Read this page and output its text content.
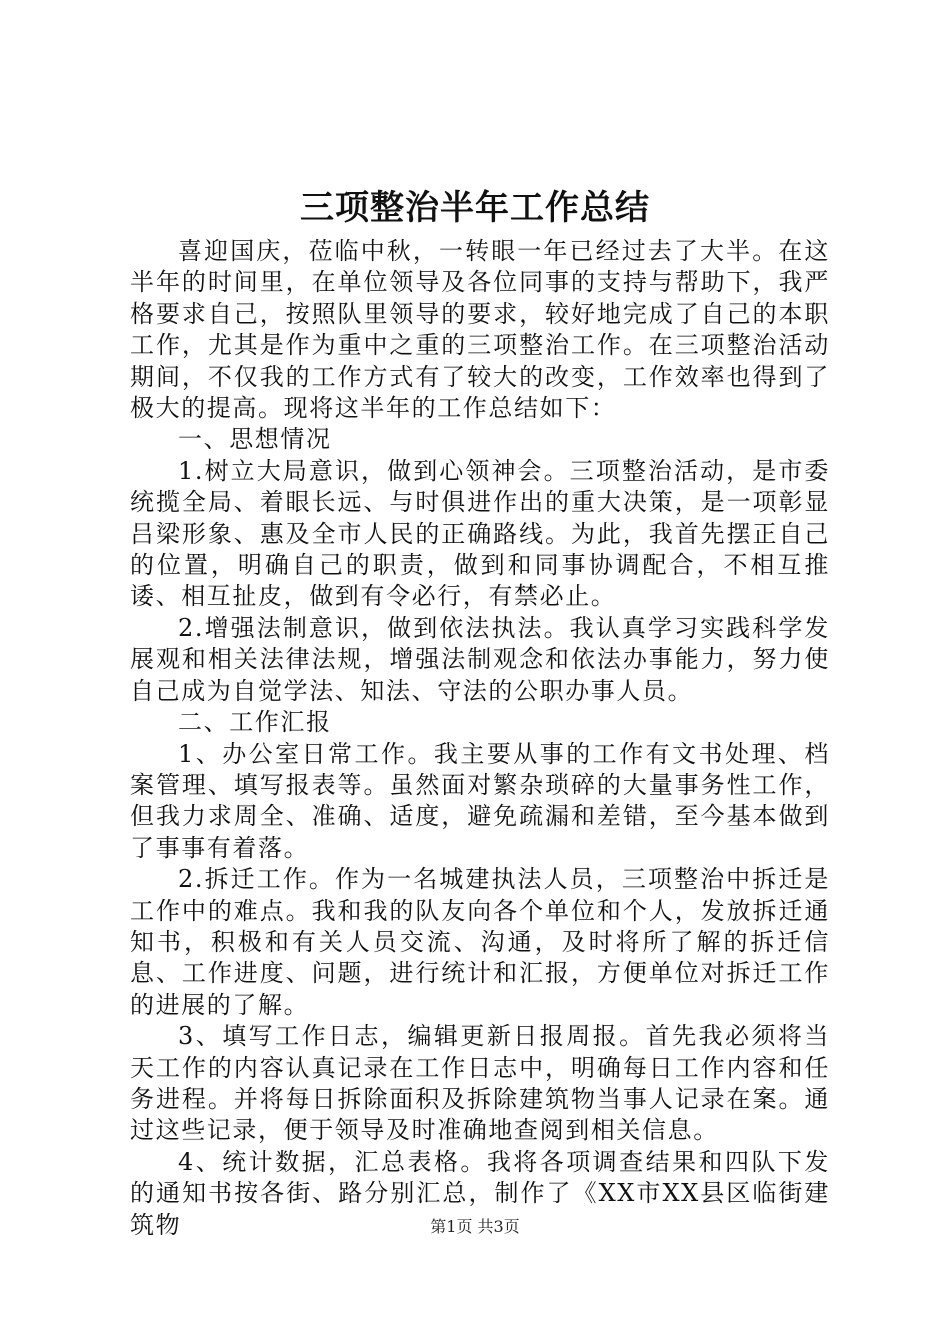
三项整治半年工作总结

喜迎国庆，莅临中秋，一转眼一年已经过去了大半。在这半年的时间里，在单位领导及各位同事的支持与帮助下，我严格要求自己，按照队里领导的要求，较好地完成了自己的本职工作，尤其是作为重中之重的三项整治工作。在三项整治活动期间，不仅我的工作方式有了较大的改变，工作效率也得到了极大的提高。现将这半年的工作总结如下：

一、思想情况

1.树立大局意识，做到心领神会。三项整治活动，是市委统揽全局、着眼长远、与时俱进作出的重大决策，是一项彰显吕梁形象、惠及全市人民的正确路线。为此，我首先摆正自己的位置，明确自己的职责，做到和同事协调配合，不相互推诿、相互扯皮，做到有令必行，有禁必止。

2.增强法制意识，做到依法执法。我认真学习实践科学发展观和相关法律法规，增强法制观念和依法办事能力，努力使自己成为自觉学法、知法、守法的公职办事人员。

二、工作汇报

1、办公室日常工作。我主要从事的工作有文书处理、档案管理、填写报表等。虽然面对繁杂琐碎的大量事务性工作，但我力求周全、准确、适度，避免疏漏和差错，至今基本做到了事事有着落。

2.拆迁工作。作为一名城建执法人员，三项整治中拆迁是工作中的难点。我和我的队友向各个单位和个人，发放拆迁通知书，积极和有关人员交流、沟通，及时将所了解的拆迁信息、工作进度、问题，进行统计和汇报，方便单位对拆迁工作的进展的了解。

3、填写工作日志，编辑更新日报周报。首先我必须将当天工作的内容认真记录在工作日志中，明确每日工作内容和任务进程。并将每日拆除面积及拆除建筑物当事人记录在案。通过这些记录，便于领导及时准确地查阅到相关信息。

4、统计数据，汇总表格。我将各项调查结果和四队下发的通知书按各街、路分别汇总，制作了《XX市XX县区临街建筑物	第1页 共3页
